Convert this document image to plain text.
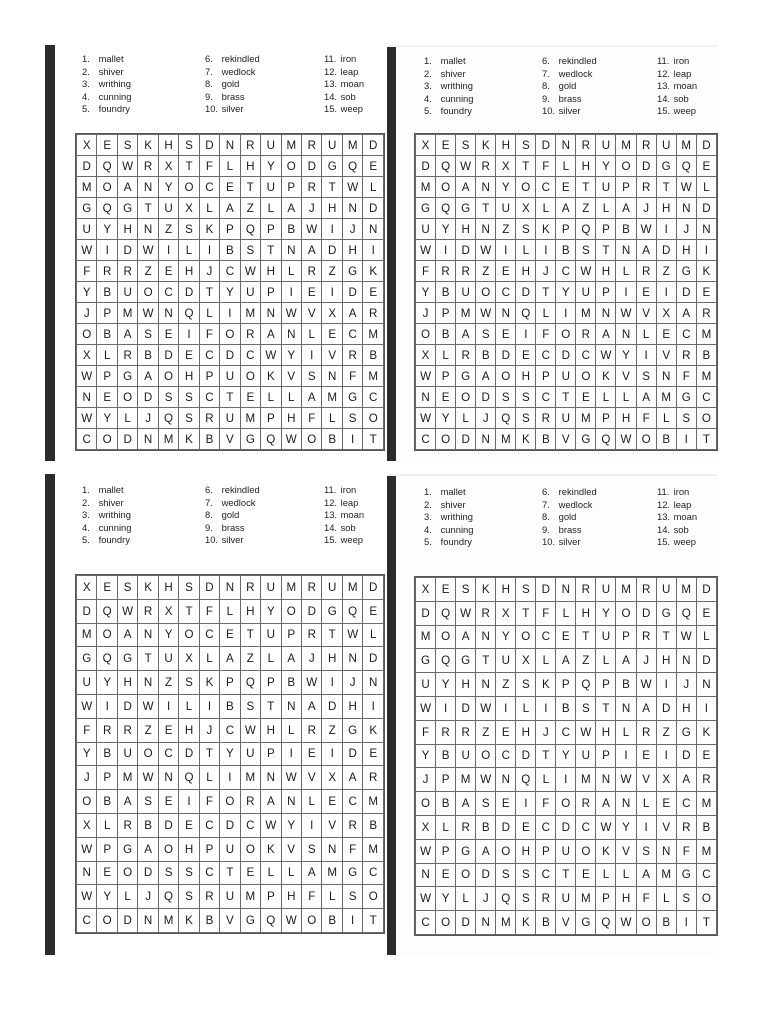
1. mallet
2. shiver
3. writhing
4. cunning
5. foundry
6. rekindled
7. wedlock
8. gold
9. brass
10. silver
11. iron
12. leap
13. moan
14. sob
15. weep
X	E	S	K	H	S	D	N	R	U	M	R	U	M	D
D	Q	W	R	X	T	F	L	H	Y	O	D	G	Q	E
M	O	A	N	Y	O	C	E	T	U	P	R	T	W	L
G	Q	G	T	U	X	L	A	Z	L	A	J	H	N	D
U	Y	H	N	Z	S	K	P	Q	P	B	W	I	J	N
W	I	D	W	I	L	I	B	S	T	N	A	D	H	I
F	R	R	Z	E	H	J	C	W	H	L	R	Z	G	K
Y	B	U	O	C	D	T	Y	U	P	I	E	I	D	E
J	P	M	W	N	Q	L	I	M	N	W	V	X	A	R
O	B	A	S	E	I	F	O	R	A	N	L	E	C	M
X	L	R	B	D	E	C	D	C	W	Y	I	V	R	B
W	P	G	A	O	H	P	U	O	K	V	S	N	F	M
N	E	O	D	S	S	C	T	E	L	L	A	M	G	C
W	Y	L	J	Q	S	R	U	M	P	H	F	L	S	O
C	O	D	N	M	K	B	V	G	Q	W	O	B	I	T
1. mallet
2. shiver
3. writhing
4. cunning
5. foundry
6. rekindled
7. wedlock
8. gold
9. brass
10. silver
11. iron
12. leap
13. moan
14. sob
15. weep
X	E	S	K	H	S	D	N	R	U	M	R	U	M	D
D	Q	W	R	X	T	F	L	H	Y	O	D	G	Q	E
M	O	A	N	Y	O	C	E	T	U	P	R	T	W	L
G	Q	G	T	U	X	L	A	Z	L	A	J	H	N	D
U	Y	H	N	Z	S	K	P	Q	P	B	W	I	J	N
W	I	D	W	I	L	I	B	S	T	N	A	D	H	I
F	R	R	Z	E	H	J	C	W	H	L	R	Z	G	K
Y	B	U	O	C	D	T	Y	U	P	I	E	I	D	E
J	P	M	W	N	Q	L	I	M	N	W	V	X	A	R
O	B	A	S	E	I	F	O	R	A	N	L	E	C	M
X	L	R	B	D	E	C	D	C	W	Y	I	V	R	B
W	P	G	A	O	H	P	U	O	K	V	S	N	F	M
N	E	O	D	S	S	C	T	E	L	L	A	M	G	C
W	Y	L	J	Q	S	R	U	M	P	H	F	L	S	O
C	O	D	N	M	K	B	V	G	Q	W	O	B	I	T
1. mallet
2. shiver
3. writhing
4. cunning
5. foundry
6. rekindled
7. wedlock
8. gold
9. brass
10. silver
11. iron
12. leap
13. moan
14. sob
15. weep
X	E	S	K	H	S	D	N	R	U	M	R	U	M	D
D	Q	W	R	X	T	F	L	H	Y	O	D	G	Q	E
M	O	A	N	Y	O	C	E	T	U	P	R	T	W	L
G	Q	G	T	U	X	L	A	Z	L	A	J	H	N	D
U	Y	H	N	Z	S	K	P	Q	P	B	W	I	J	N
W	I	D	W	I	L	I	B	S	T	N	A	D	H	I
F	R	R	Z	E	H	J	C	W	H	L	R	Z	G	K
Y	B	U	O	C	D	T	Y	U	P	I	E	I	D	E
J	P	M	W	N	Q	L	I	M	N	W	V	X	A	R
O	B	A	S	E	I	F	O	R	A	N	L	E	C	M
X	L	R	B	D	E	C	D	C	W	Y	I	V	R	B
W	P	G	A	O	H	P	U	O	K	V	S	N	F	M
N	E	O	D	S	S	C	T	E	L	L	A	M	G	C
W	Y	L	J	Q	S	R	U	M	P	H	F	L	S	O
C	O	D	N	M	K	B	V	G	Q	W	O	B	I	T
1. mallet
2. shiver
3. writhing
4. cunning
5. foundry
6. rekindled
7. wedlock
8. gold
9. brass
10. silver
11. iron
12. leap
13. moan
14. sob
15. weep
X	E	S	K	H	S	D	N	R	U	M	R	U	M	D
D	Q	W	R	X	T	F	L	H	Y	O	D	G	Q	E
M	O	A	N	Y	O	C	E	T	U	P	R	T	W	L
G	Q	G	T	U	X	L	A	Z	L	A	J	H	N	D
U	Y	H	N	Z	S	K	P	Q	P	B	W	I	J	N
W	I	D	W	I	L	I	B	S	T	N	A	D	H	I
F	R	R	Z	E	H	J	C	W	H	L	R	Z	G	K
Y	B	U	O	C	D	T	Y	U	P	I	E	I	D	E
J	P	M	W	N	Q	L	I	M	N	W	V	X	A	R
O	B	A	S	E	I	F	O	R	A	N	L	E	C	M
X	L	R	B	D	E	C	D	C	W	Y	I	V	R	B
W	P	G	A	O	H	P	U	O	K	V	S	N	F	M
N	E	O	D	S	S	C	T	E	L	L	A	M	G	C
W	Y	L	J	Q	S	R	U	M	P	H	F	L	S	O
C	O	D	N	M	K	B	V	G	Q	W	O	B	I	T
